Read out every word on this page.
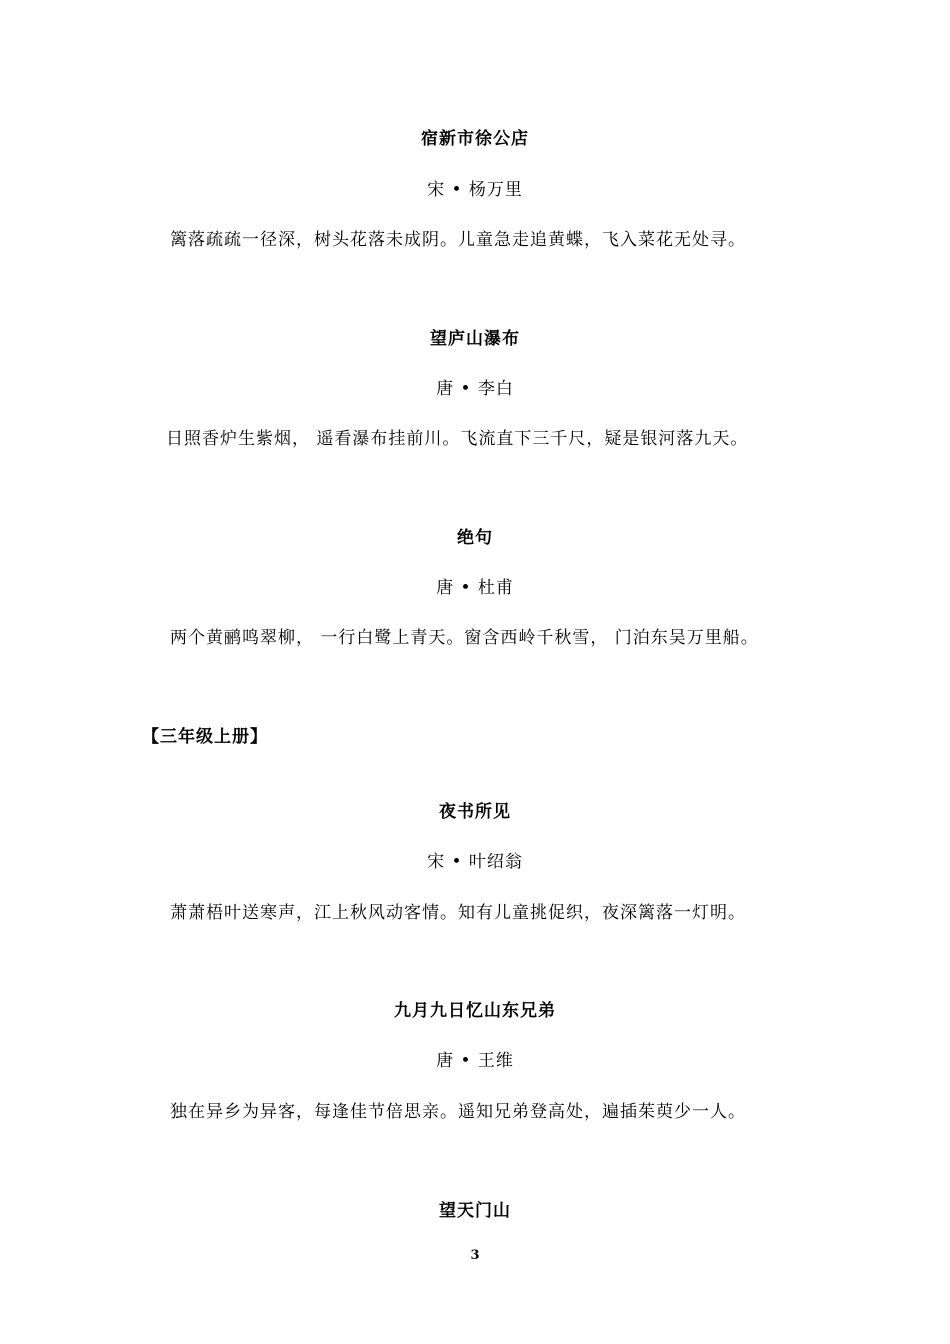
宿新市徐公店
宋 • 杨万里
篱落疏疏一径深，树头花落未成阴。儿童急走追黄蝶，飞入菜花无处寻。
望庐山瀑布
唐 • 李白
日照香炉生紫烟， 遥看瀑布挂前川。飞流直下三千尺，疑是银河落九天。
绝句
唐 • 杜甫
两个黄鹂鸣翠柳， 一行白鹭上青天。窗含西岭千秋雪， 门泊东吴万里船。
【三年级上册】
夜书所见
宋 • 叶绍翁
萧萧梧叶送寒声，江上秋风动客情。知有儿童挑促织，夜深篱落一灯明。
九月九日忆山东兄弟
唐 • 王维
独在异乡为异客，每逢佳节倍思亲。遥知兄弟登高处，遍插茱萸少一人。
望天门山
3
